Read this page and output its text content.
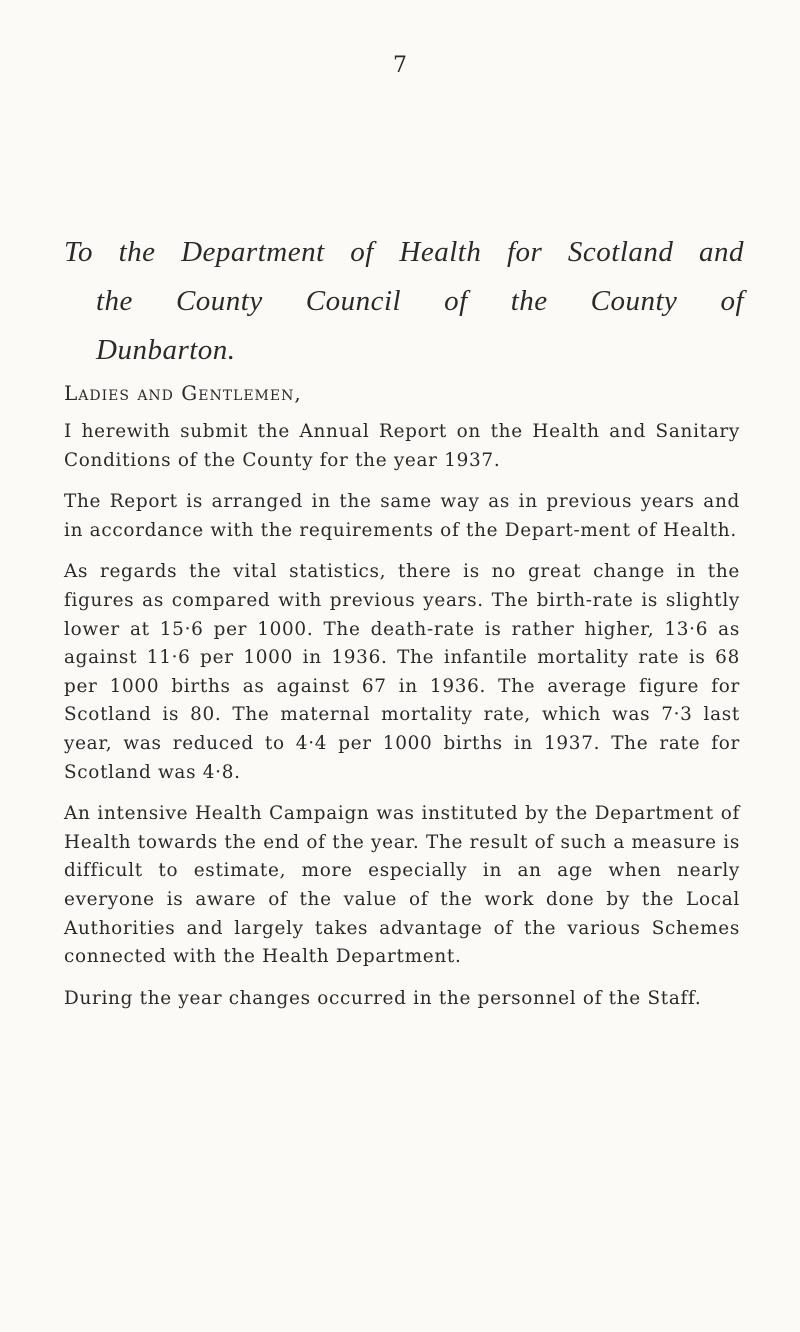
7
To the Department of Health for Scotland and
the County Council of the County of
Dunbarton.
Ladies and Gentlemen,

I herewith submit the Annual Report on the Health and Sanitary Conditions of the County for the year 1937.

The Report is arranged in the same way as in previous years and in accordance with the requirements of the Depart-ment of Health.

As regards the vital statistics, there is no great change in the figures as compared with previous years. The birth-rate is slightly lower at 15·6 per 1000. The death-rate is rather higher, 13·6 as against 11·6 per 1000 in 1936. The infantile mortality rate is 68 per 1000 births as against 67 in 1936. The average figure for Scotland is 80. The maternal mortality rate, which was 7·3 last year, was reduced to 4·4 per 1000 births in 1937. The rate for Scotland was 4·8.

An intensive Health Campaign was instituted by the Department of Health towards the end of the year. The result of such a measure is difficult to estimate, more especially in an age when nearly everyone is aware of the value of the work done by the Local Authorities and largely takes advantage of the various Schemes connected with the Health Department.

During the year changes occurred in the personnel of the Staff.
